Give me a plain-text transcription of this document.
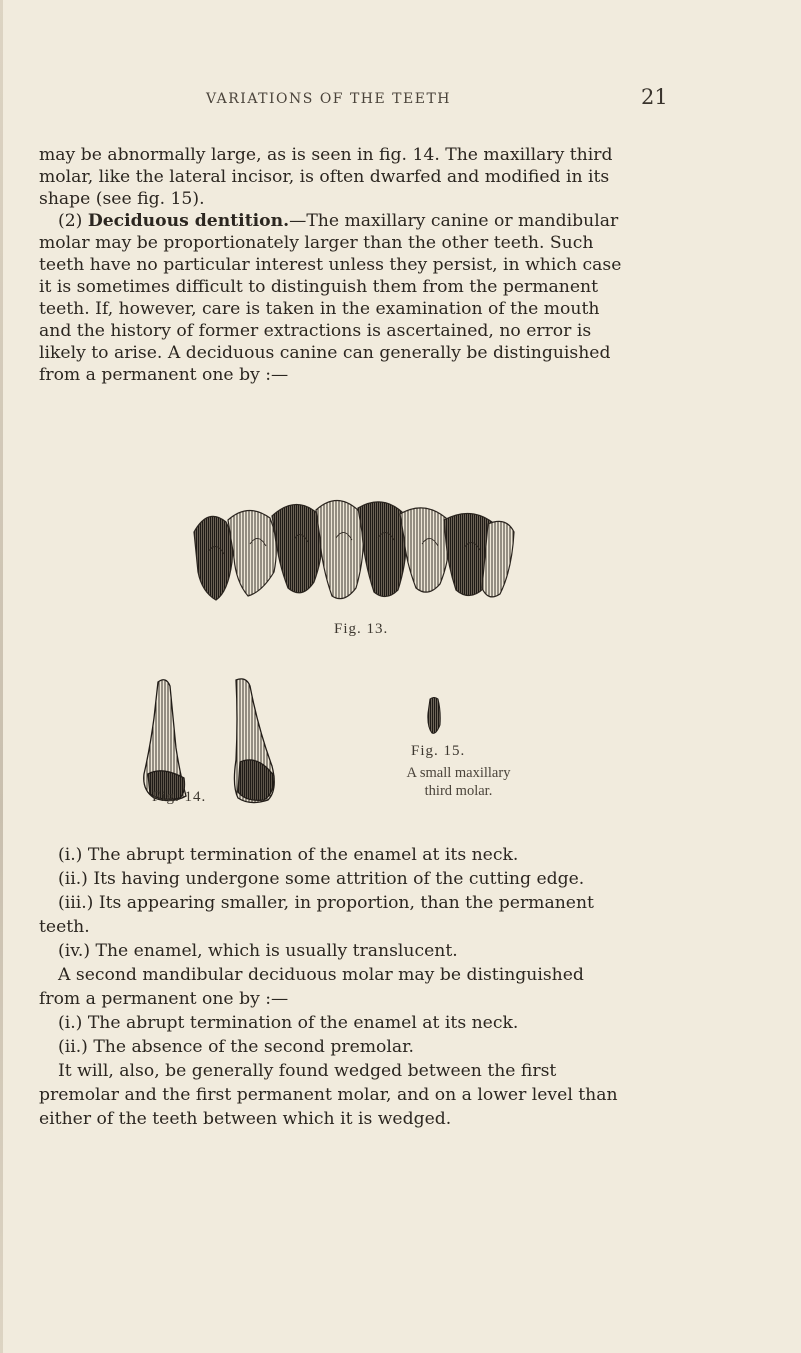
VARIATIONS OF THE TEETH	21
may be abnormally large, as is seen in fig. 14. The maxillary third
molar, like the lateral incisor, is often dwarfed and modified in its
shape (see fig. 15).
(2) Deciduous dentition.—The maxillary canine or mandibular
molar may be proportionately larger than the other teeth. Such
teeth have no particular interest unless they persist, in which case
it is sometimes difficult to distinguish them from the permanent
teeth. If, however, care is taken in the examination of the mouth
and the history of former extractions is ascertained, no error is
likely to arise. A deciduous canine can generally be distinguished
from a permanent one by :—
Fig. 13.
Fig. 14.
Fig. 15.
A small maxillary
third molar.
(i.) The abrupt termination of the enamel at its neck.
(ii.) Its having undergone some attrition of the cutting edge.
(iii.) Its appearing smaller, in proportion, than the permanent
teeth.
(iv.) The enamel, which is usually translucent.
A second mandibular deciduous molar may be distinguished
from a permanent one by :—
(i.) The abrupt termination of the enamel at its neck.
(ii.) The absence of the second premolar.
It will, also, be generally found wedged between the first
premolar and the first permanent molar, and on a lower level than
either of the teeth between which it is wedged.
